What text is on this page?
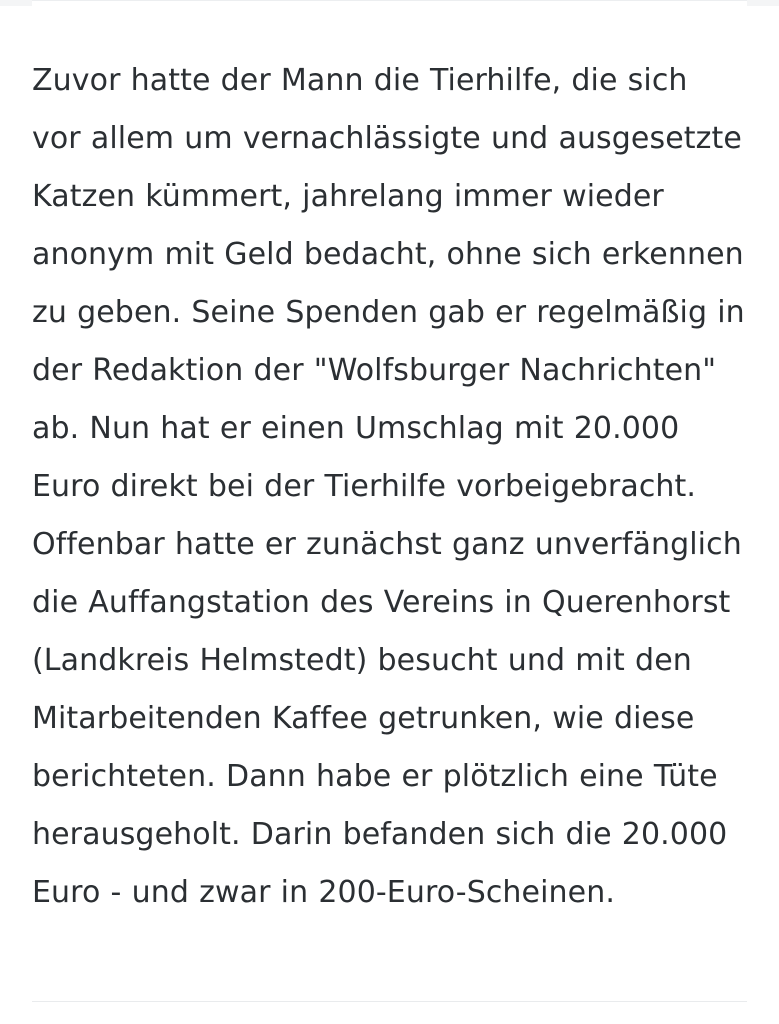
Zuvor hatte der Mann die Tierhilfe, die sich vor allem um vernachlässigte und ausgesetzte Katzen kümmert, jahrelang immer wieder anonym mit Geld bedacht, ohne sich erkennen zu geben. Seine Spenden gab er regelmäßig in der Redaktion der "Wolfsburger Nachrichten" ab. Nun hat er einen Umschlag mit 20.000 Euro direkt bei der Tierhilfe vorbeigebracht. Offenbar hatte er zunächst ganz unverfänglich die Auffangstation des Vereins in Querenhorst (Landkreis Helmstedt) besucht und mit den Mitarbeitenden Kaffee getrunken, wie diese berichteten. Dann habe er plötzlich eine Tüte herausgeholt. Darin befanden sich die 20.000 Euro - und zwar in 200-Euro-Scheinen.
